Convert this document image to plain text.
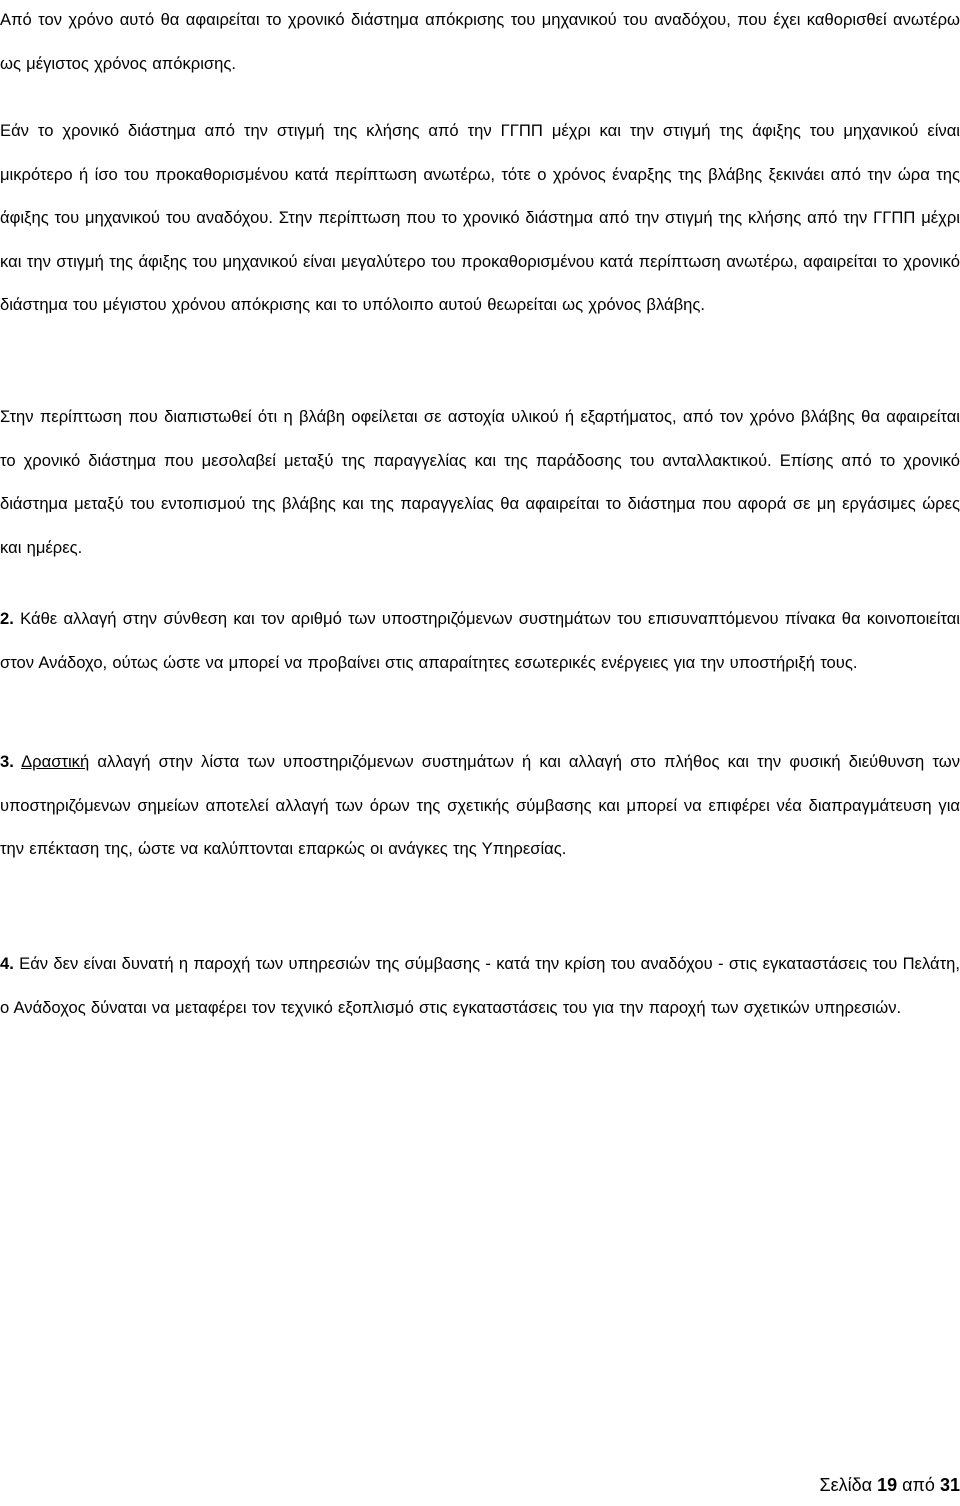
Από τον χρόνο αυτό θα αφαιρείται το χρονικό διάστημα απόκρισης του μηχανικού του αναδόχου, που έχει καθορισθεί ανωτέρω ως μέγιστος χρόνος απόκρισης.

Εάν το χρονικό διάστημα από την στιγμή της κλήσης από την ΓΓΠΠ μέχρι και την στιγμή της άφιξης του μηχανικού είναι μικρότερο ή ίσο του προκαθορισμένου κατά περίπτωση ανωτέρω, τότε ο χρόνος έναρξης της βλάβης ξεκινάει από την ώρα της άφιξης του μηχανικού του αναδόχου. Στην περίπτωση που το χρονικό διάστημα από την στιγμή της κλήσης από την ΓΓΠΠ μέχρι και την στιγμή της άφιξης του μηχανικού είναι μεγαλύτερο του προκαθορισμένου κατά περίπτωση ανωτέρω, αφαιρείται το χρονικό διάστημα του μέγιστου χρόνου απόκρισης και το υπόλοιπο αυτού θεωρείται ως χρόνος βλάβης.

Στην περίπτωση που διαπιστωθεί ότι η βλάβη οφείλεται σε αστοχία υλικού ή εξαρτήματος, από τον χρόνο βλάβης θα αφαιρείται το χρονικό διάστημα που μεσολαβεί μεταξύ της παραγγελίας και της παράδοσης του ανταλλακτικού. Επίσης από το χρονικό διάστημα μεταξύ του εντοπισμού της βλάβης και της παραγγελίας θα αφαιρείται το διάστημα που αφορά σε μη εργάσιμες ώρες και ημέρες.

2. Κάθε αλλαγή στην σύνθεση και τον αριθμό των υποστηριζόμενων συστημάτων του επισυναπτόμενου πίνακα θα κοινοποιείται στον Ανάδοχο, ούτως ώστε να μπορεί να προβαίνει στις απαραίτητες εσωτερικές ενέργειες για την υποστήριξή τους.

3. Δραστική αλλαγή στην λίστα των υποστηριζόμενων συστημάτων ή και αλλαγή στο πλήθος και την φυσική διεύθυνση των υποστηριζόμενων σημείων αποτελεί αλλαγή των όρων της σχετικής σύμβασης και μπορεί να επιφέρει νέα διαπραγμάτευση για την επέκταση της, ώστε να καλύπτονται επαρκώς οι ανάγκες της Υπηρεσίας.

4. Εάν δεν είναι δυνατή η παροχή των υπηρεσιών της σύμβασης - κατά την κρίση του αναδόχου - στις εγκαταστάσεις του Πελάτη, ο Ανάδοχος δύναται να μεταφέρει τον τεχνικό εξοπλισμό στις εγκαταστάσεις του για την παροχή των σχετικών υπηρεσιών.

Σελίδα 19 από 31
